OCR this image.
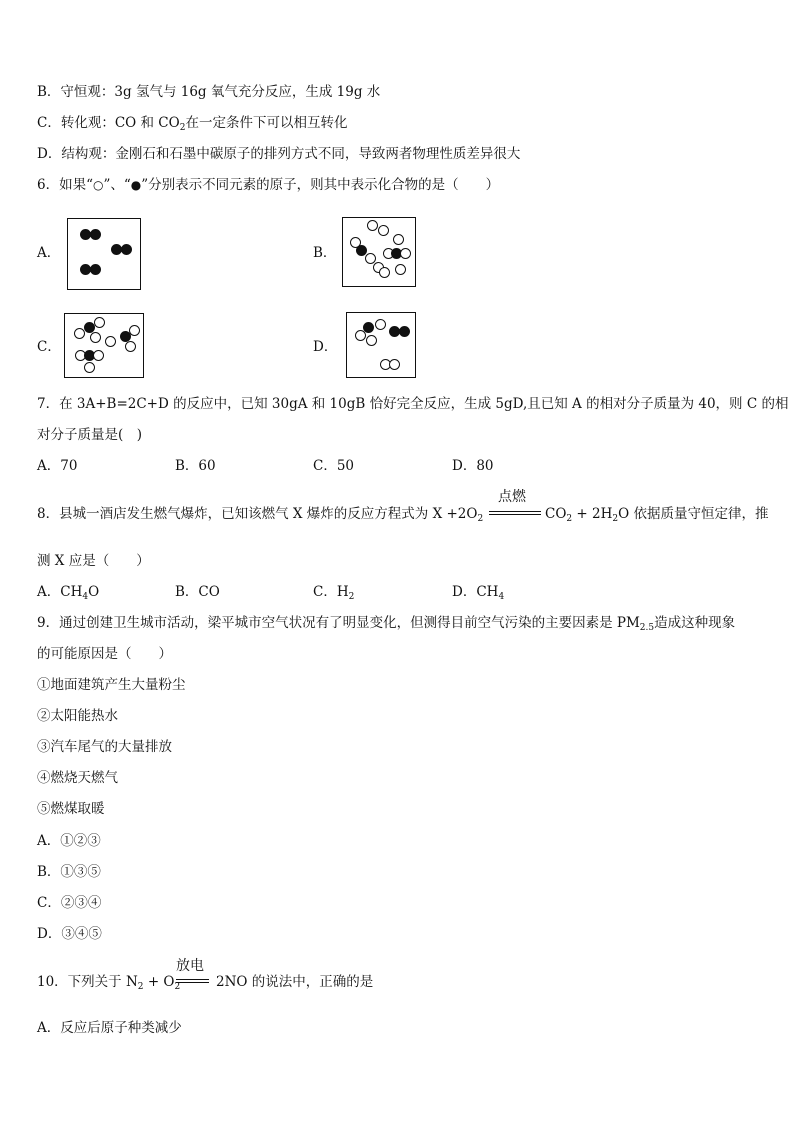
B．守恒观：3g 氢气与 16g 氧气充分反应，生成 19g 水
C．转化观：CO 和 $CO_2$在一定条件下可以相互转化
D．结构观：金刚石和石墨中碳原子的排列方式不同，导致两者物理性质差异很大
6．如果“○”、“●”分别表示不同元素的原子，则其中表示化合物的是（　　）
A．	B．
C．	D．
7．在 3A+B=2C+D 的反应中，已知 30gA 和 10gB 恰好完全反应，生成 5gD,且已知 A 的相对分子质量为 40，则 C 的相
对分子质量是(　)
A．70	B．60	C．50	D．80
8．县城一酒店发生燃气爆炸，已知该燃气 X 爆炸的反应方程式为 $X +2O_2$
点燃
$CO_2 + 2H_2O$ 依据质量守恒定律，推
测 X 应是（　　）
A．$CH_4O$	B．CO	C．$H_2$	D．$CH_4$
9．通过创建卫生城市活动，梁平城市空气状况有了明显变化，但测得目前空气污染的主要因素是 $PM_{2.5}$造成这种现象
的可能原因是（　　）
①地面建筑产生大量粉尘
②太阳能热水
③汽车尾气的大量排放
④燃烧天燃气
⑤燃煤取暖
A．①②③
B．①③⑤
C．②③④
D．③④⑤
10．下列关于 $N_2 + O_2$
放电
2NO 的说法中，正确的是
A．反应后原子种类减少
